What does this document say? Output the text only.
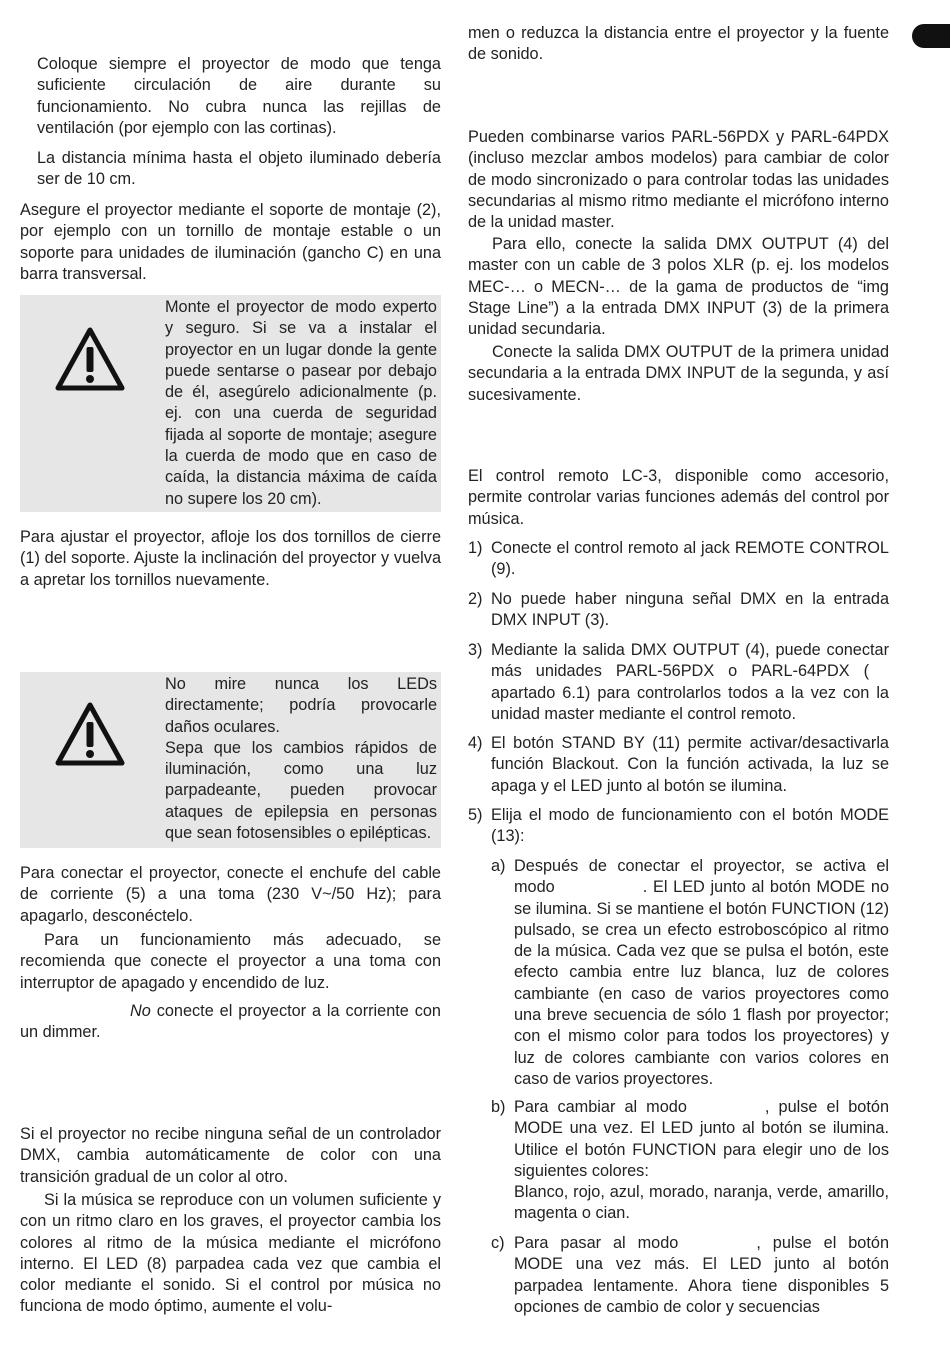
Coloque siempre el proyector de modo que tenga suficiente circulación de aire durante su funcionamiento. No cubra nunca las rejillas de ventilación (por ejemplo con las cortinas).

La distancia mínima hasta el objeto iluminado debería ser de 10 cm.

Asegure el proyector mediante el soporte de montaje (2), por ejemplo con un tornillo de montaje estable o un soporte para unidades de iluminación (gancho C) en una barra transversal.

Monte el proyector de modo experto y seguro. Si se va a instalar el proyector en un lugar donde la gente puede sentarse o pasear por debajo de él, asegúrelo adicionalmente (p. ej. con una cuerda de seguridad fijada al soporte de montaje; asegure la cuerda de modo que en caso de caída, la distancia máxima de caída no supere los 20 cm).

Para ajustar el proyector, afloje los dos tornillos de cierre (1) del soporte. Ajuste la inclinación del proyector y vuelva a apretar los tornillos nuevamente.

No mire nunca los LEDs directamente; podría provocarle daños oculares.

Sepa que los cambios rápidos de iluminación, como una luz parpadeante, pueden provocar ataques de epilepsia en personas que sean fotosensibles o epilépticas.

Para conectar el proyector, conecte el enchufe del cable de corriente (5) a una toma (230 V~/50 Hz); para apagarlo, desconéctelo.

Para un funcionamiento más adecuado, se recomienda que conecte el proyector a una toma con interruptor de apagado y encendido de luz.

No conecte el proyector a la corriente con un dimmer.

Si el proyector no recibe ninguna señal de un controlador DMX, cambia automáticamente de color con una transición gradual de un color al otro.

Si la música se reproduce con un volumen suficiente y con un ritmo claro en los graves, el proyector cambia los colores al ritmo de la música mediante el micrófono interno. El LED (8) parpadea cada vez que cambia el color mediante el sonido. Si el control por música no funciona de modo óptimo, aumente el volu-

men o reduzca la distancia entre el proyector y la fuente de sonido.

Pueden combinarse varios PARL-56PDX y PARL-64PDX (incluso mezclar ambos modelos) para cambiar de color de modo sincronizado o para controlar todas las unidades secundarias al mismo ritmo mediante el micrófono interno de la unidad master.

Para ello, conecte la salida DMX OUTPUT (4) del master con un cable de 3 polos XLR (p. ej. los modelos MEC-… o MECN-… de la gama de productos de “img Stage Line”) a la entrada DMX INPUT (3) de la primera unidad secundaria.

Conecte la salida DMX OUTPUT de la primera unidad secundaria a la entrada DMX INPUT de la segunda, y así sucesivamente.

El control remoto LC-3, disponible como accesorio, permite controlar varias funciones además del control por música.

1) Conecte el control remoto al jack REMOTE CONTROL (9).

2) No puede haber ninguna señal DMX en la entrada DMX INPUT (3).

3) Mediante la salida DMX OUTPUT (4), puede conectar más unidades PARL-56PDX o PARL-64PDX (apartado 6.1) para controlarlos todos a la vez con la unidad master mediante el control remoto.

4) El botón STAND BY (11) permite activar/desactivarla función Blackout. Con la función activada, la luz se apaga y el LED junto al botón se ilumina.

5) Elija el modo de funcionamiento con el botón MODE (13):

a) Después de conectar el proyector, se activa el modo	. El LED junto al botón MODE no se ilumina. Si se mantiene el botón FUNCTION (12) pulsado, se crea un efecto estroboscópico al ritmo de la música. Cada vez que se pulsa el botón, este efecto cambia entre luz blanca, luz de colores cambiante (en caso de varios proyectores como una breve secuencia de sólo 1 flash por proyector; con el mismo color para todos los proyectores) y luz de colores cambiante con varios colores en caso de varios proyectores.

b) Para cambiar al modo	, pulse el botón MODE una vez. El LED junto al botón se ilumina. Utilice el botón FUNCTION para elegir uno de los siguientes colores:

Blanco, rojo, azul, morado, naranja, verde, amarillo, magenta o cian.

c) Para pasar al modo	, pulse el botón MODE una vez más. El LED junto al botón parpadea lentamente. Ahora tiene disponibles 5 opciones de cambio de color y secuencias
